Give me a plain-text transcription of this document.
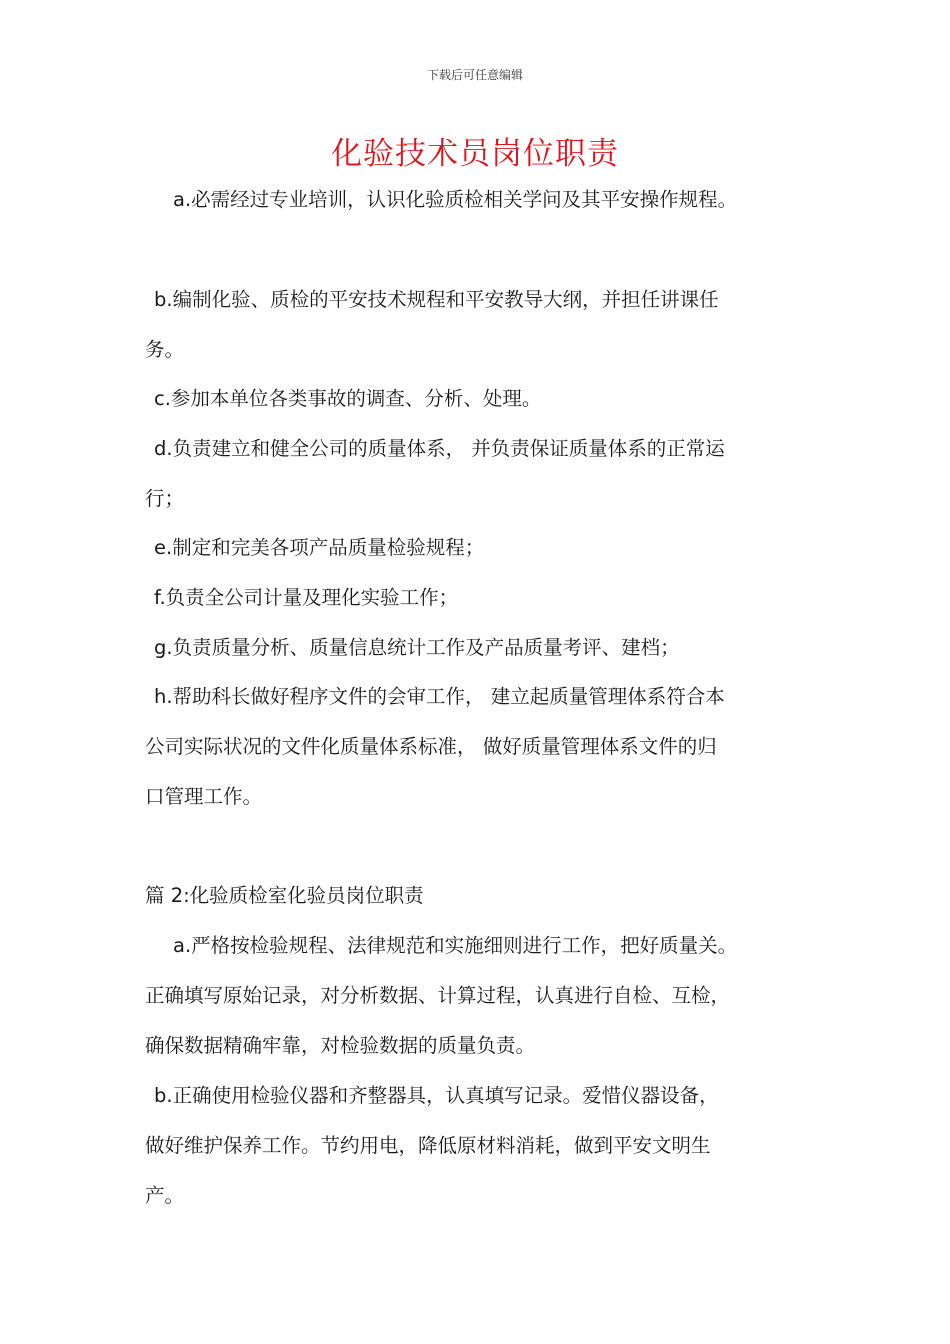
下载后可任意编辑
化验技术员岗位职责
a.必需经过专业培训，认识化验质检相关学问及其平安操作规程。
b.编制化验、质检的平安技术规程和平安教导大纲，并担任讲课任
务。
c.参加本单位各类事故的调查、分析、处理。
d.负责建立和健全公司的质量体系， 并负责保证质量体系的正常运
行；
e.制定和完美各项产品质量检验规程；
f.负责全公司计量及理化实验工作；
g.负责质量分析、质量信息统计工作及产品质量考评、建档；
h.帮助科长做好程序文件的会审工作， 建立起质量管理体系符合本
公司实际状况的文件化质量体系标准， 做好质量管理体系文件的归
口管理工作。
篇 2:化验质检室化验员岗位职责
a.严格按检验规程、法律规范和实施细则进行工作，把好质量关。
正确填写原始记录，对分析数据、计算过程，认真进行自检、互检，
确保数据精确牢靠，对检验数据的质量负责。
b.正确使用检验仪器和齐整器具，认真填写记录。爱惜仪器设备，
做好维护保养工作。节约用电，降低原材料消耗，做到平安文明生
产。
